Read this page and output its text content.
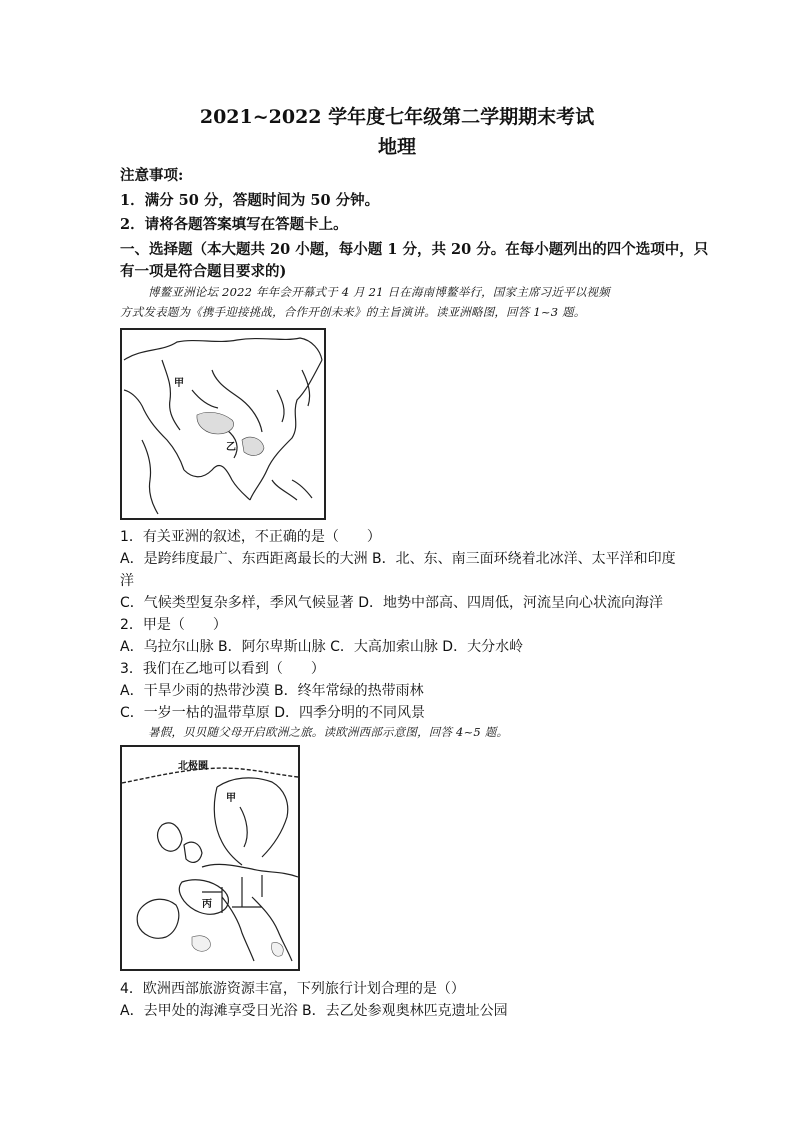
2021~2022 学年度七年级第二学期期末考试
地理
注意事项:
1．满分 50 分，答题时间为 50 分钟。
2．请将各题答案填写在答题卡上。
一、选择题（本大题共 20 小题，每小题 1 分，共 20 分。在每小题列出的四个选项中，只
有一项是符合题目要求的)
博鳌亚洲论坛 2022 年年会开幕式于 4 月 21 日在海南博鳌举行，国家主席习近平以视频
方式发表题为《携手迎接挑战，合作开创未来》的主旨演讲。读亚洲略图，回答 1~3 题。
甲
乙
1．有关亚洲的叙述，不正确的是（　　）
A．是跨纬度最广、东西距离最长的大洲 B．北、东、南三面环绕着北冰洋、太平洋和印度
洋
C．气候类型复杂多样，季风气候显著 D．地势中部高、四周低，河流呈向心状流向海洋
2．甲是（　　）
A．乌拉尔山脉 B．阿尔卑斯山脉 C．大高加索山脉 D．大分水岭
3．我们在乙地可以看到（　　）
A．干旱少雨的热带沙漠 B．终年常绿的热带雨林
C．一岁一枯的温带草原 D．四季分明的不同风景
暑假，贝贝随父母开启欧洲之旅。读欧洲西部示意图，回答 4~5 题。
北极圈
甲
丙
4．欧洲西部旅游资源丰富，下列旅行计划合理的是（）
A．去甲处的海滩享受日光浴 B．去乙处参观奥林匹克遗址公园
